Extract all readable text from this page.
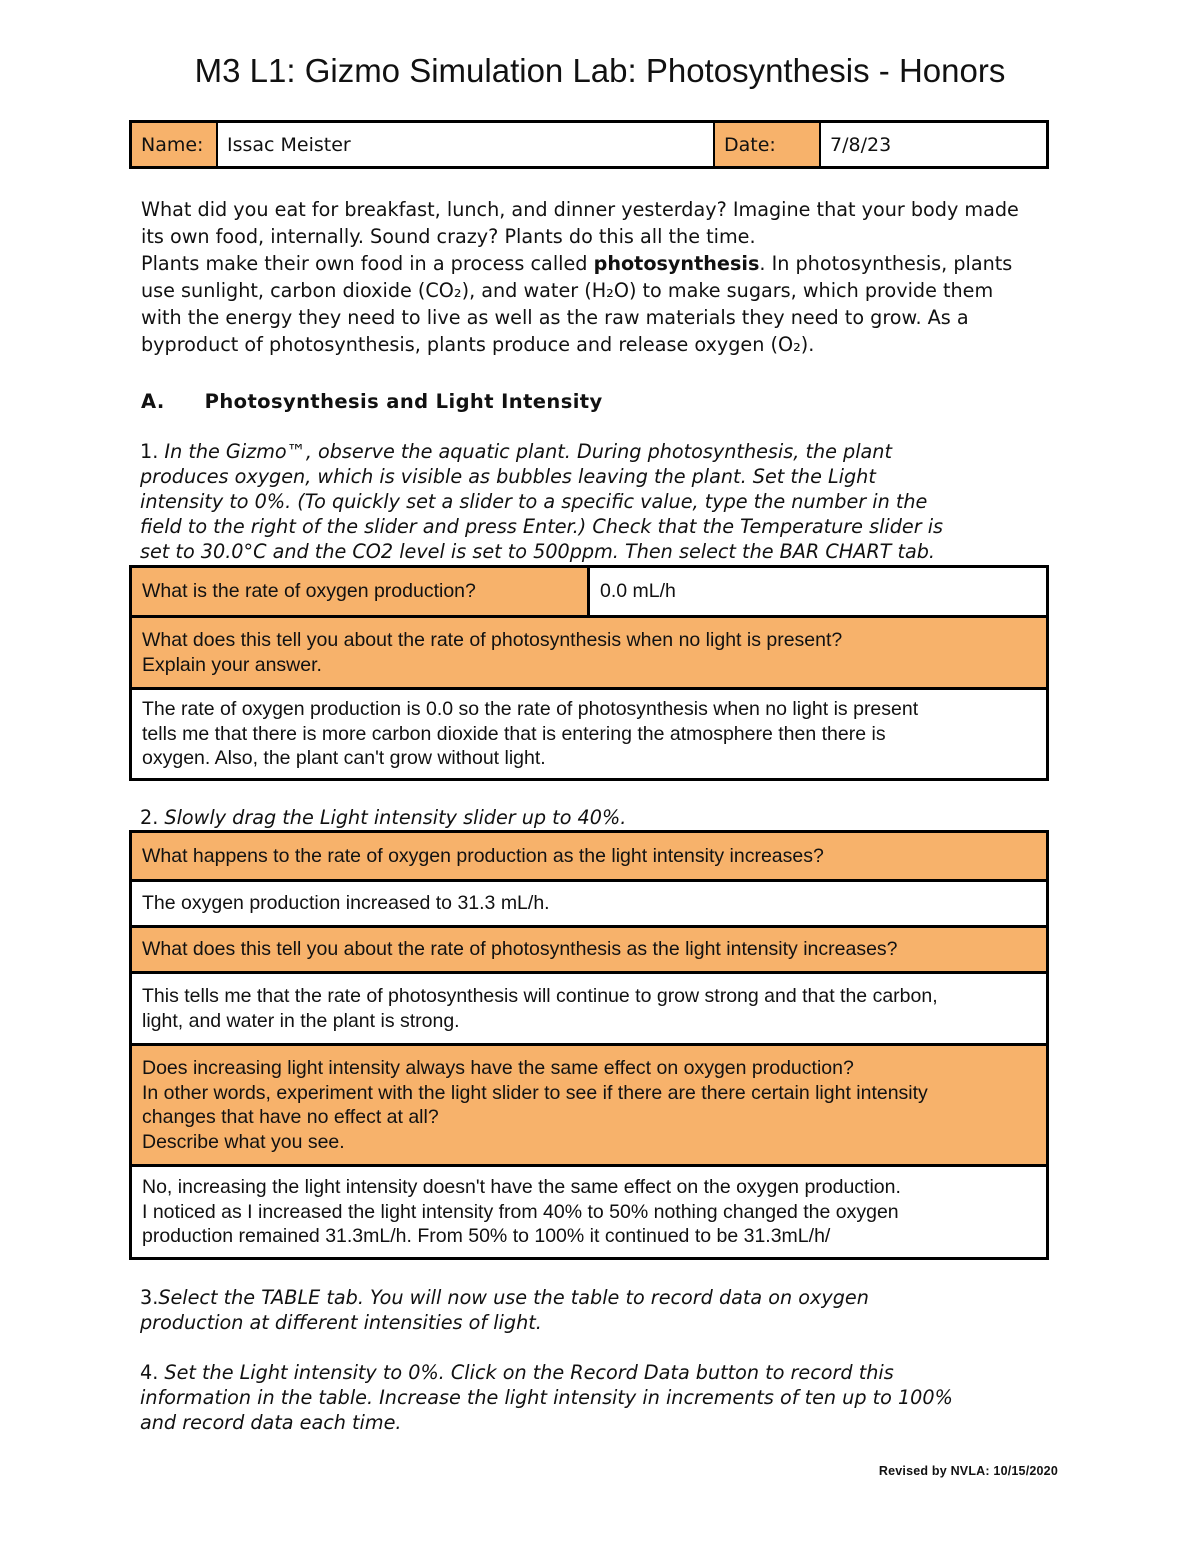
M3 L1: Gizmo Simulation Lab: Photosynthesis - Honors
Name:	Issac Meister	Date:	7/8/23
What did you eat for breakfast, lunch, and dinner yesterday? Imagine that your body made
its own food, internally. Sound crazy? Plants do this all the time.
Plants make their own food in a process called photosynthesis. In photosynthesis, plants
use sunlight, carbon dioxide (CO₂), and water (H₂O) to make sugars, which provide them
with the energy they need to live as well as the raw materials they need to grow. As a
byproduct of photosynthesis, plants produce and release oxygen (O₂).
A. Photosynthesis and Light Intensity
1. In the Gizmo™, observe the aquatic plant. During photosynthesis, the plant
produces oxygen, which is visible as bubbles leaving the plant. Set the Light
intensity to 0%. (To quickly set a slider to a specific value, type the number in the
field to the right of the slider and press Enter.) Check that the Temperature slider is
set to 30.0°C and the CO2 level is set to 500ppm. Then select the BAR CHART tab.
What is the rate of oxygen production?	0.0 mL/h
What does this tell you about the rate of photosynthesis when no light is present?
Explain your answer.
The rate of oxygen production is 0.0 so the rate of photosynthesis when no light is present
tells me that there is more carbon dioxide that is entering the atmosphere then there is
oxygen. Also, the plant can't grow without light.
2. Slowly drag the Light intensity slider up to 40%.
What happens to the rate of oxygen production as the light intensity increases?
The oxygen production increased to 31.3 mL/h.
What does this tell you about the rate of photosynthesis as the light intensity increases?
This tells me that the rate of photosynthesis will continue to grow strong and that the carbon,
light, and water in the plant is strong.
Does increasing light intensity always have the same effect on oxygen production?
In other words, experiment with the light slider to see if there are there certain light intensity
changes that have no effect at all?
Describe what you see.
No, increasing the light intensity doesn't have the same effect on the oxygen production.
I noticed as I increased the light intensity from 40% to 50% nothing changed the oxygen
production remained 31.3mL/h. From 50% to 100% it continued to be 31.3mL/h/
3.Select the TABLE tab. You will now use the table to record data on oxygen
production at different intensities of light.
4. Set the Light intensity to 0%. Click on the Record Data button to record this
information in the table. Increase the light intensity in increments of ten up to 100%
and record data each time.
Revised by NVLA: 10/15/2020
